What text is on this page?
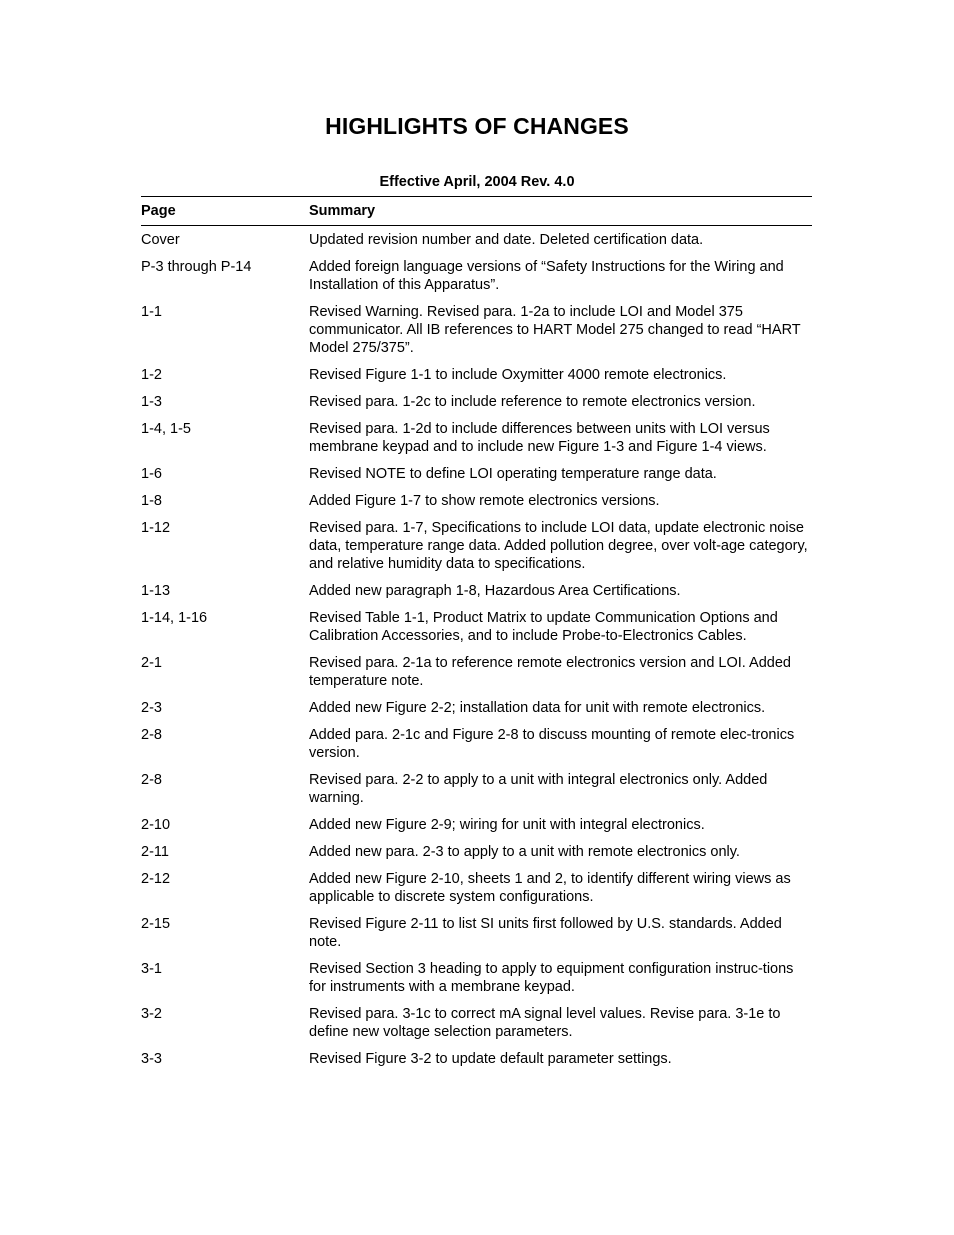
HIGHLIGHTS OF CHANGES
Effective April, 2004 Rev. 4.0
Page	Summary
Cover	Updated revision number and date. Deleted certification data.
P-3 through P-14	Added foreign language versions of “Safety Instructions for the Wiring and Installation of this Apparatus”.
1-1	Revised Warning. Revised para. 1-2a to include LOI and Model 375 communicator. All IB references to HART Model 275 changed to read “HART Model 275/375”.
1-2	Revised Figure 1-1 to include Oxymitter 4000 remote electronics.
1-3	Revised para. 1-2c to include reference to remote electronics version.
1-4, 1-5	Revised para. 1-2d to include differences between units with LOI versus membrane keypad and to include new Figure 1-3 and Figure 1-4 views.
1-6	Revised NOTE to define LOI operating temperature range data.
1-8	Added Figure 1-7 to show remote electronics versions.
1-12	Revised para. 1-7, Specifications to include LOI data, update electronic noise data, temperature range data. Added pollution degree, over volt-age category, and relative humidity data to specifications.
1-13	Added new paragraph 1-8, Hazardous Area Certifications.
1-14, 1-16	Revised Table 1-1, Product Matrix to update Communication Options and Calibration Accessories, and to include Probe-to-Electronics Cables.
2-1	Revised para. 2-1a to reference remote electronics version and LOI. Added temperature note.
2-3	Added new Figure 2-2; installation data for unit with remote electronics.
2-8	Added para. 2-1c and Figure 2-8 to discuss mounting of remote elec-tronics version.
2-8	Revised para. 2-2 to apply to a unit with integral electronics only. Added warning.
2-10	Added new Figure 2-9; wiring for unit with integral electronics.
2-11	Added new para. 2-3 to apply to a unit with remote electronics only.
2-12	Added new Figure 2-10, sheets 1 and 2, to identify different wiring views as applicable to discrete system configurations.
2-15	Revised Figure 2-11 to list SI units first followed by U.S. standards. Added note.
3-1	Revised Section 3 heading to apply to equipment configuration instruc-tions for instruments with a membrane keypad.
3-2	Revised para. 3-1c to correct mA signal level values. Revise para. 3-1e to define new voltage selection parameters.
3-3	Revised Figure 3-2 to update default parameter settings.
